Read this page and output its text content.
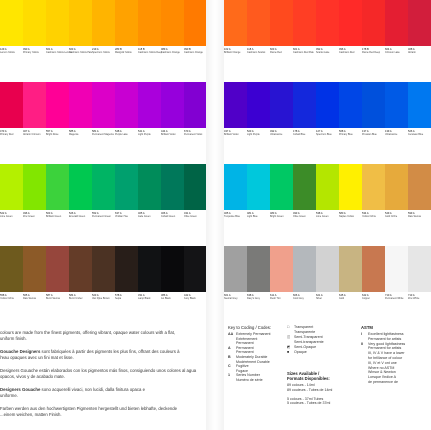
129 A
Lemon Yellow
090 A
Primary Yellow
661 A
Cadmium Yellow Lemon
663 A
Cadmium Yellow Pale
219 A
Spectrum Yellow
283 B
Marigold Yellow
118 B
Cadmium Yellow Deep
089 A
Cadmium Orange
090 B
Cadmium Orange
473 A
Primary Red
407 A
Alizarin Crimson
557 A
Bright Rose
585 A
Magenta
581 A
Permanent Magenta
548 A
Purple Lake
541 A
Light Purple
444 A
Brilliant Violet
670 A
Permanent Violet
522 A
Lime Green
496 A
Zinc Green
503 A
Brilliant Green
526 A
Emerald Green
552 A
Permanent Green
637 A
Viridian Hue
465 A
Jade Green
466 A
Cobalt Green
431 A
Olive Green
558 A
Yellow Ochre
565 A
Raw Sienna
587 A
Burnt Sienna
584 A
Burnt Umber
523 A
Van Dyke Brown
578 A
Sepia
331 A
Lamp Black
386 A
Jet Black
442 A
Ivory Black
colours are made from the finest pigments, offering vibrant, opaque water colours with a flat,
uniform finish.
Gouache Designers sont fabriquées à partir des pigments les plus fins, offrant des couleurs à
l'eau opaques avec un fini mat et lisse.
Designers Gouache están elaborados con los pigmentos más finos, consiguiendo unos colores al agua
opacos, vivos y de acabado mate.
Designers Gouache sono acquerelli vivaci, non lucidi, dalla finitura opaca e
uniforme.
Farben werden aus den hochwertigsten Pigmenten hergestellt und bieten lebhafte, deckende
...einem weichen, matten Finish.
102 A
Brilliant Orange
118 A
Cadmium Scarlet
603 A
Flame Red
601 A
Cadmium Red Pale
092 A
Scarlet Lake
096 A
Cadmium Red
178 B
Flame Red Deep
604 A
Crimson Lake
468 A
Alizarin
437 A
Brilliant Violet
523 A
Light Purple
492 A
Ultramarine
178 A
Cobalt Blue
127 A
Spectrum Blue
568 A
Primary Blue
137 A
Prussian Blue
139 A
Ultramarine
526 A
Cerulean Blue
465 A
Turquoise Blue
481 A
Light Blue
483 A
Bright Green
493 A
Olive Green
538 A
Lime Green
580 A
Naples Yellow
534 A
Yellow Ochre
549 A
Gold Ochre
599 A
Raw Sienna
601 A
Neutral Grey
638 A
Davy's Grey
611 A
Flesh Tint
606 A
Cool Grey
621 A
Silver
645 A
Gold
642 A
Copper
710 A
Permanent White
713 A
Zinc White
Key to Coding / Codes:
AA Extremely Permanent
Extrêmement
Permanent
A Permanent
Permanent
B Moderately Durable
Modérément Durable
C Fugitive
Fugace
1 Series Number
Numéro de série
□ Transparent
Transparente
◫ Semi-Transparent
Semi-transparente
◩ Semi-Opaque
■ Opaque
Sizes Available /
Formats Disponibles:
89 colours - 14ml
89 couleurs - Tubes de 14ml
5 colours - 37ml Tubes
5 couleurs - Tubes de 37ml
ASTM
I Excellent lightfastness
Permanent for artists
II Very good lightfastness
Permanent for artists
III, IV & V have a lower
for brilliance of colour
III, IV et V ont une
Where no ASTM
Winsor & Newton
Lorsque l'indice A
de permanence de
